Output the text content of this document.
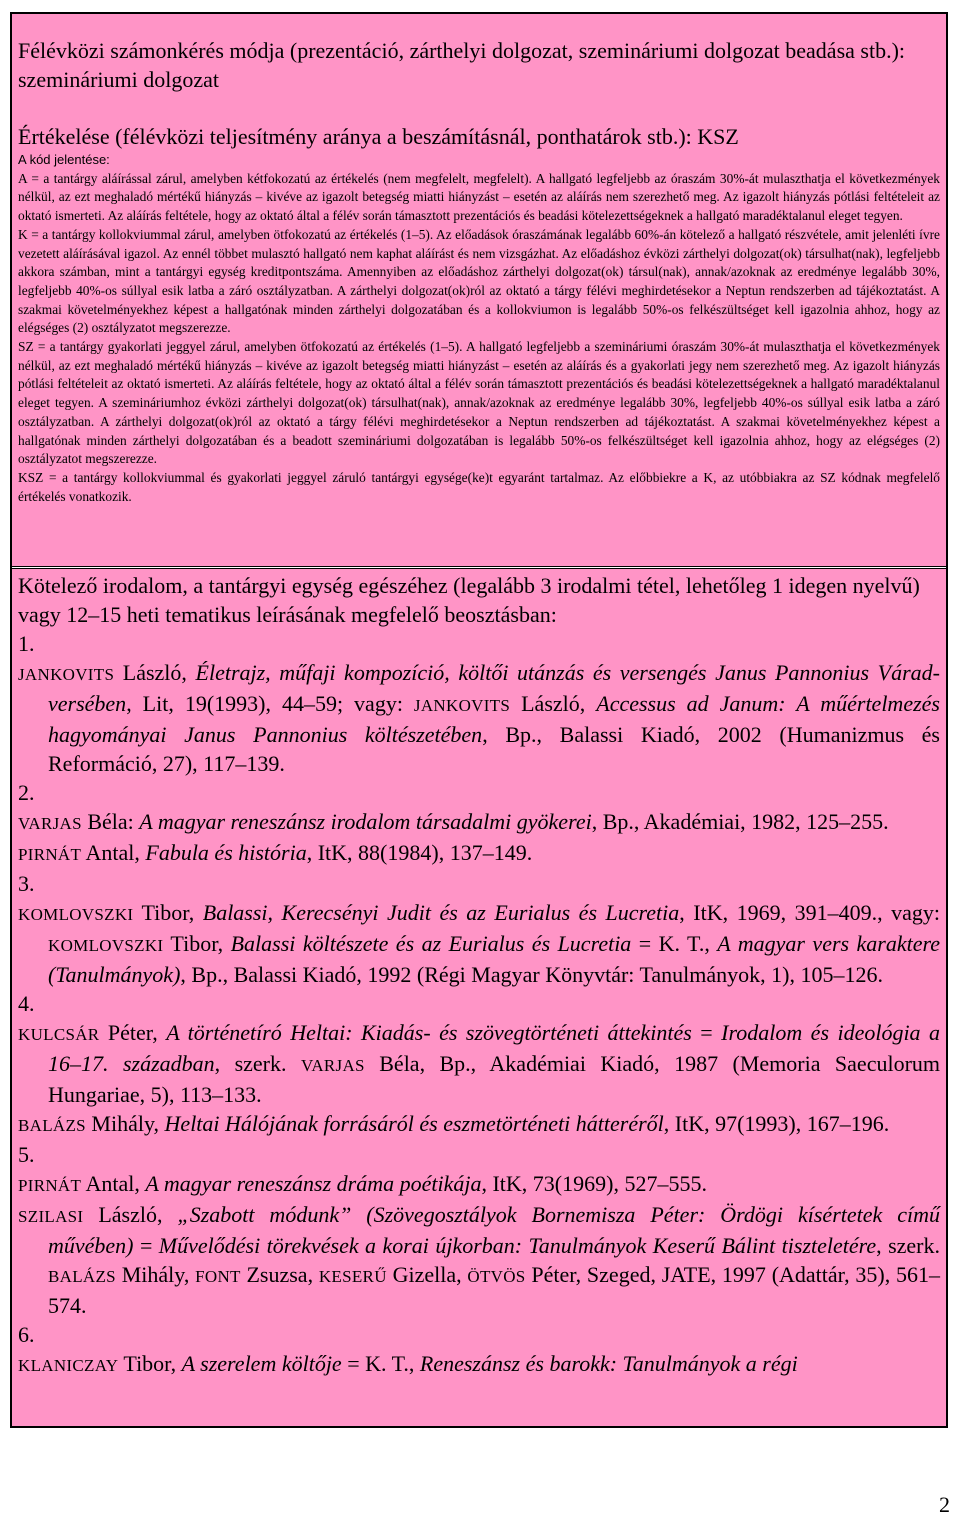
Félévközi számonkérés módja (prezentáció, zárthelyi dolgozat, szemináriumi dolgozat beadása stb.): szemináriumi dolgozat
Értékelése (félévközi teljesítmény aránya a beszámításnál, ponthatárok stb.): KSZ
A kód jelentése:

A = a tantárgy aláírással zárul, amelyben kétfokozatú az értékelés (nem megfelelt, megfelelt). A hallgató legfeljebb az óraszám 30%-át mulaszthatja el következmények nélkül, az ezt meghaladó mértékű hiányzás – kivéve az igazolt betegség miatti hiányzást – esetén az aláírás nem szerezhető meg. Az igazolt hiányzás pótlási feltételeit az oktató ismerteti. Az aláírás feltétele, hogy az oktató által a félév során támasztott prezentációs és beadási kötelezettségeknek a hallgató maradéktalanul eleget tegyen.

K = a tantárgy kollokviummal zárul, amelyben ötfokozatú az értékelés (1–5). Az előadások óraszámának legalább 60%-án kötelező a hallgató részvétele, amit jelenléti ívre vezetett aláírásával igazol. Az ennél többet mulasztó hallgató nem kaphat aláírást és nem vizsgázhat. Az előadáshoz évközi zárthelyi dolgozat(ok) társulhat(nak), legfeljebb akkora számban, mint a tantárgyi egység kreditpontszáma. Amennyiben az előadáshoz zárthelyi dolgozat(ok) társul(nak), annak/azoknak az eredménye legalább 30%, legfeljebb 40%-os súllyal esik latba a záró osztályzatban. A zárthelyi dolgozat(ok)ról az oktató a tárgy félévi meghirdetésekor a Neptun rendszerben ad tájékoztatást. A szakmai követelményekhez képest a hallgatónak minden zárthelyi dolgozatában és a kollokviumon is legalább 50%-os felkészültséget kell igazolnia ahhoz, hogy az elégséges (2) osztályzatot megszerezze.

SZ = a tantárgy gyakorlati jeggyel zárul, amelyben ötfokozatú az értékelés (1–5). A hallgató legfeljebb a szemináriumi óraszám 30%-át mulaszthatja el következmények nélkül, az ezt meghaladó mértékű hiányzás – kivéve az igazolt betegség miatti hiányzást – esetén az aláírás és a gyakorlati jegy nem szerezhető meg. Az igazolt hiányzás pótlási feltételeit az oktató ismerteti. Az aláírás feltétele, hogy az oktató által a félév során támasztott prezentációs és beadási kötelezettségeknek a hallgató maradéktalanul eleget tegyen. A szemináriumhoz évközi zárthelyi dolgozat(ok) társulhat(nak), annak/azoknak az eredménye legalább 30%, legfeljebb 40%-os súllyal esik latba a záró osztályzatban. A zárthelyi dolgozat(ok)ról az oktató a tárgy félévi meghirdetésekor a Neptun rendszerben ad tájékoztatást. A szakmai követelményekhez képest a hallgatónak minden zárthelyi dolgozatában és a beadott szemináriumi dolgozatában is legalább 50%-os felkészültséget kell igazolnia ahhoz, hogy az elégséges (2) osztályzatot megszerezze.

KSZ = a tantárgy kollokviummal és gyakorlati jeggyel záruló tantárgyi egysége(ke)t egyaránt tartalmaz. Az előbbiekre a K, az utóbbiakra az SZ kódnak megfelelő értékelés vonatkozik.

Kötelező irodalom, a tantárgyi egység egészéhez (legalább 3 irodalmi tétel, lehetőleg 1 idegen nyelvű) vagy 12–15 heti tematikus leírásának megfelelő beosztásban:

1.

JANKOVITS László, Életrajz, műfaji kompozíció, költői utánzás és versengés Janus Pannonius Várad-versében, Lit, 19(1993), 44–59; vagy: JANKOVITS László, Accessus ad Janum: A műértelmezés hagyományai Janus Pannonius költészetében, Bp., Balassi Kiadó, 2002 (Humanizmus és Reformáció, 27), 117–139.

2.

VARJAS Béla: A magyar reneszánsz irodalom társadalmi gyökerei, Bp., Akadémiai, 1982, 125–255.

PIRNÁT Antal, Fabula és história, ItK, 88(1984), 137–149.

3.

KOMLOVSZKI Tibor, Balassi, Kerecsényi Judit és az Eurialus és Lucretia, ItK, 1969, 391–409., vagy: KOMLOVSZKI Tibor, Balassi költészete és az Eurialus és Lucretia = K. T., A magyar vers karaktere (Tanulmányok), Bp., Balassi Kiadó, 1992 (Régi Magyar Könyvtár: Tanulmányok, 1), 105–126.

4.

KULCSÁR Péter, A történetíró Heltai: Kiadás- és szövegtörténeti áttekintés = Irodalom és ideológia a 16–17. században, szerk. VARJAS Béla, Bp., Akadémiai Kiadó, 1987 (Memoria Saeculorum Hungariae, 5), 113–133.

BALÁZS Mihály, Heltai Hálójának forrásáról és eszmetörténeti hátteréről, ItK, 97(1993), 167–196.

5.

PIRNÁT Antal, A magyar reneszánsz dráma poétikája, ItK, 73(1969), 527–555.

SZILASI László, „Szabott módunk” (Szövegosztályok Bornemisza Péter: Ördögi kísértetek című művében) = Művelődési törekvések a korai újkorban: Tanulmányok Keserű Bálint tiszteletére, szerk. BALÁZS Mihály, FONT Zsuzsa, KESERŰ Gizella, ÖTVÖS Péter, Szeged, JATE, 1997 (Adattár, 35), 561–574.

6.

KLANICZAY Tibor, A szerelem költője = K. T., Reneszánsz és barokk: Tanulmányok a régi

2
